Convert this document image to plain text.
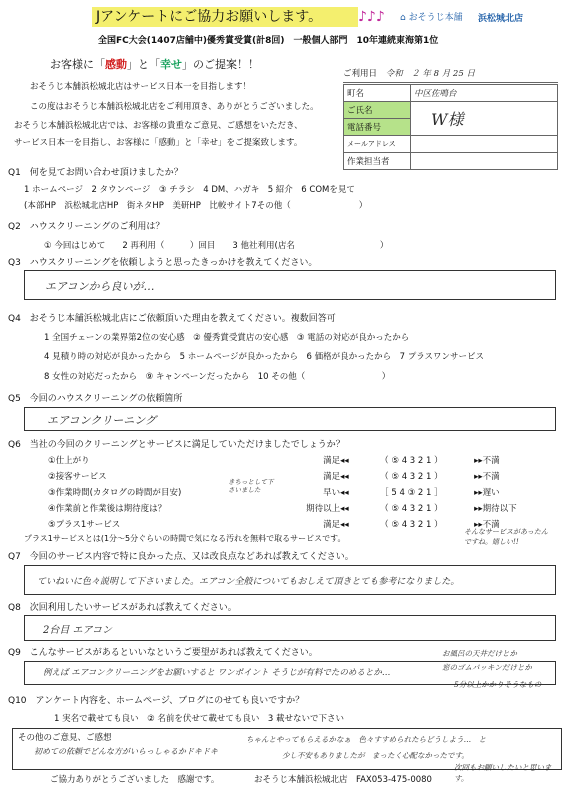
Jアンケートにご協力お願いします。	♪♪♪ ⌂ おそうじ本舗 浜松城北店
全国FC大会(1407店舗中)優秀賞受賞(計8回)　一般個人部門　10年連続東海第1位
お客様に「感動」と「幸せ」のご提案！！
おそうじ本舗浜松城北店はサービス日本一を目指します！
この度はおそうじ本舗浜松城北店をご利用頂き、ありがとうございました。
おそうじ本舗浜松城北店では、お客様の貴重なご意見、ご感想をいただき、
サービス日本一を目指し、お客様に「感動」と「幸せ」をご提案致します。
ご利用日 令和　２ 年 8 月 25 日
町名	中区佐鳴台
ご氏名	W様
電話番号	
メールアドレス	
作業担当者	
Q1　何を見てお問い合わせ頂けましたか？
1 ホームページ　2 タウンページ　③ チラシ　4 DM、ハガキ　5 紹介　6 COMを見て
(本部HP　浜松城北店HP　街ネタHP　美研HP　比較サイト7その他（　　　　　　　　）
Q2　ハウスクリーニングのご利用は？
① 今回はじめて　　2 再利用（　　　）回目　　3 他社利用(店名　　　　　　　　　　）
Q3　ハウスクリーニングを依頼しようと思ったきっかけを教えてください。
エアコンから良いが…
Q4　おそうじ本舗浜松城北店にご依頼頂いた理由を教えてください。複数回答可
1 全国チェーンの業界第2位の安心感　② 優秀賞受賞店の安心感　③ 電話の対応が良かったから
4 見積り時の対応が良かったから　5 ホームページが良かったから　6 価格が良かったから　7 プラスワンサービス
8 女性の対応だったから　⑨ キャンペーンだったから　10 その他（　　　　　　　　　）
Q5　今回のハウスクリーニングの依頼箇所
エアコンクリーニング
Q6　当社の今回のクリーニングとサービスに満足していただけましたでしょうか？
①仕上がり	満足◂◂	（ ⑤ 4 3 2 1 ）	▸▸不満
②接客サービス	満足◂◂	（ ⑤ 4 3 2 1 ）	▸▸不満
③作業時間(カタログの時間が目安)	早い◂◂	［ 5 4 ③ 2 1 ］	▸▸遅い
④作業前と作業後は期待度は？	期待以上◂◂	（ ⑤ 4 3 2 1 ）	▸▸期待以下
⑤プラス1サービス	満足◂◂	（ ⑤ 4 3 2 1 ）	▸▸不満
きちっとして下さいました
プラス1サービスとは(1分～5分ぐらいの時間で気になる汚れを無料で取るサービスです。
そんなサービスがあったんですね。嬉しい!!
Q7　今回のサービス内容で特に良かった点、又は改良点などあれば教えてください。
ていねいに色々説明して下さいました。エアコン全般についてもおしえて頂きとても参考になりました。
Q8　次回利用したいサービスがあれば教えてください。
2台目 エアコン
Q9　こんなサービスがあるといいなというご要望があれば教えてください。
例えば エアコンクリーニングをお願いすると ワンポイント そうじが有料でたのめるとか…
お風呂の天井だけとか
窓のゴムパッキンだけとか
5分以上かかりそうなもの
Q10　アンケート内容を、ホームページ、ブログにのせても良いですか？
1 実名で載せても良い　② 名前を伏せて載せても良い　3 載せないで下さい
その他のご意見、ご感想
初めての依頼でどんな方がいらっしゃるかドキドキ
ちゃんとやってもらえるかなぁ　色々すすめられたらどうしよう…　と
少し不安もありましたが　まったく心配なかったです。
次回もお願いしたいと思います。
ご協力ありがとうございました　感謝です。	おそうじ本舗浜松城北店　FAX053-475-0080
